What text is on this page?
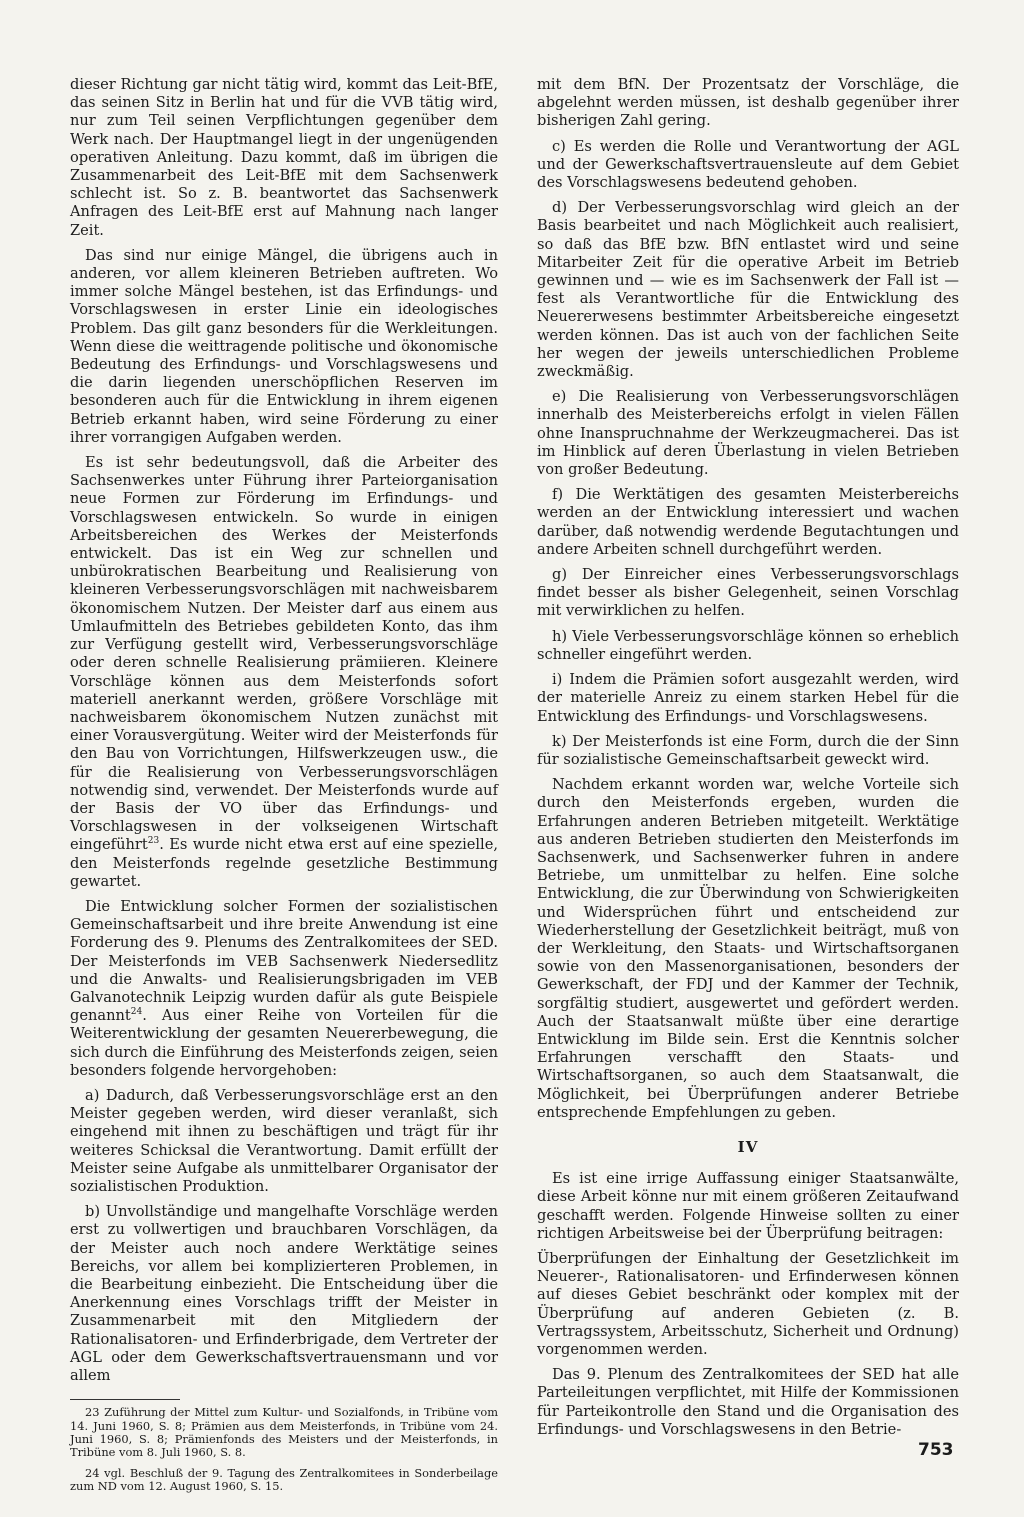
dieser Richtung gar nicht tätig wird, kommt das Leit-BfE, das seinen Sitz in Berlin hat und für die VVB tätig wird, nur zum Teil seinen Verpflichtungen gegenüber dem Werk nach. Der Hauptmangel liegt in der ungenügenden operativen Anleitung. Dazu kommt, daß im übrigen die Zusammenarbeit des Leit-BfE mit dem Sachsenwerk schlecht ist. So z. B. beantwortet das Sachsenwerk Anfragen des Leit-BfE erst auf Mahnung nach langer Zeit.

Das sind nur einige Mängel, die übrigens auch in anderen, vor allem kleineren Betrieben auftreten. Wo immer solche Mängel bestehen, ist das Erfindungs- und Vorschlagswesen in erster Linie ein ideologisches Problem. Das gilt ganz besonders für die Werkleitungen. Wenn diese die weittragende politische und ökonomische Bedeutung des Erfindungs- und Vorschlagswesens und die darin liegenden unerschöpflichen Reserven im besonderen auch für die Entwicklung in ihrem eigenen Betrieb erkannt haben, wird seine Förderung zu einer ihrer vorrangigen Aufgaben werden.

Es ist sehr bedeutungsvoll, daß die Arbeiter des Sachsenwerkes unter Führung ihrer Parteiorganisation neue Formen zur Förderung im Erfindungs- und Vorschlagswesen entwickeln. So wurde in einigen Arbeitsbereichen des Werkes der Meisterfonds entwickelt. Das ist ein Weg zur schnellen und unbürokratischen Bearbeitung und Realisierung von kleineren Verbesserungsvorschlägen mit nachweisbarem ökonomischem Nutzen. Der Meister darf aus einem aus Umlaufmitteln des Betriebes gebildeten Konto, das ihm zur Verfügung gestellt wird, Verbesserungsvorschläge oder deren schnelle Realisierung prämiieren. Kleinere Vorschläge können aus dem Meisterfonds sofort materiell anerkannt werden, größere Vorschläge mit nachweisbarem ökonomischem Nutzen zunächst mit einer Vorausvergütung. Weiter wird der Meisterfonds für den Bau von Vorrichtungen, Hilfswerkzeugen usw., die für die Realisierung von Verbesserungsvorschlägen notwendig sind, verwendet. Der Meisterfonds wurde auf der Basis der VO über das Erfindungs- und Vorschlagswesen in der volkseigenen Wirtschaft eingeführt$^{23}$. Es wurde nicht etwa erst auf eine spezielle, den Meisterfonds regelnde gesetzliche Bestimmung gewartet.

Die Entwicklung solcher Formen der sozialistischen Gemeinschaftsarbeit und ihre breite Anwendung ist eine Forderung des 9. Plenums des Zentralkomitees der SED. Der Meisterfonds im VEB Sachsenwerk Niedersedlitz und die Anwalts- und Realisierungsbrigaden im VEB Galvanotechnik Leipzig wurden dafür als gute Beispiele genannt$^{24}$. Aus einer Reihe von Vorteilen für die Weiterentwicklung der gesamten Neuererbewegung, die sich durch die Einführung des Meisterfonds zeigen, seien besonders folgende hervorgehoben:

a) Dadurch, daß Verbesserungsvorschläge erst an den Meister gegeben werden, wird dieser veranlaßt, sich eingehend mit ihnen zu beschäftigen und trägt für ihr weiteres Schicksal die Verantwortung. Damit erfüllt der Meister seine Aufgabe als unmittelbarer Organisator der sozialistischen Produktion.

b) Unvollständige und mangelhafte Vorschläge werden erst zu vollwertigen und brauchbaren Vorschlägen, da der Meister auch noch andere Werktätige seines Bereichs, vor allem bei komplizierteren Problemen, in die Bearbeitung einbezieht. Die Entscheidung über die Anerkennung eines Vorschlags trifft der Meister in Zusammenarbeit mit den Mitgliedern der Rationalisatoren- und Erfinderbrigade, dem Vertreter der AGL oder dem Gewerkschaftsvertrauensmann und vor allem

23 Zuführung der Mittel zum Kultur- und Sozialfonds, in Tribüne vom 14. Juni 1960, S. 8; Prämien aus dem Meisterfonds, in Tribüne vom 24. Juni 1960, S. 8; Prämienfonds des Meisters und der Meisterfonds, in Tribüne vom 8. Juli 1960, S. 8.

24 vgl. Beschluß der 9. Tagung des Zentralkomitees in Sonderbeilage zum ND vom 12. August 1960, S. 15.

mit dem BfN. Der Prozentsatz der Vorschläge, die abgelehnt werden müssen, ist deshalb gegenüber ihrer bisherigen Zahl gering.

c) Es werden die Rolle und Verantwortung der AGL und der Gewerkschaftsvertrauensleute auf dem Gebiet des Vorschlagswesens bedeutend gehoben.

d) Der Verbesserungsvorschlag wird gleich an der Basis bearbeitet und nach Möglichkeit auch realisiert, so daß das BfE bzw. BfN entlastet wird und seine Mitarbeiter Zeit für die operative Arbeit im Betrieb gewinnen und — wie es im Sachsenwerk der Fall ist — fest als Verantwortliche für die Entwicklung des Neuererwesens bestimmter Arbeitsbereiche eingesetzt werden können. Das ist auch von der fachlichen Seite her wegen der jeweils unterschiedlichen Probleme zweckmäßig.

e) Die Realisierung von Verbesserungsvorschlägen innerhalb des Meisterbereichs erfolgt in vielen Fällen ohne Inanspruchnahme der Werkzeugmacherei. Das ist im Hinblick auf deren Überlastung in vielen Betrieben von großer Bedeutung.

f) Die Werktätigen des gesamten Meisterbereichs werden an der Entwicklung interessiert und wachen darüber, daß notwendig werdende Begutachtungen und andere Arbeiten schnell durchgeführt werden.

g) Der Einreicher eines Verbesserungsvorschlags findet besser als bisher Gelegenheit, seinen Vorschlag mit verwirklichen zu helfen.

h) Viele Verbesserungsvorschläge können so erheblich schneller eingeführt werden.

i) Indem die Prämien sofort ausgezahlt werden, wird der materielle Anreiz zu einem starken Hebel für die Entwicklung des Erfindungs- und Vorschlagswesens.

k) Der Meisterfonds ist eine Form, durch die der Sinn für sozialistische Gemeinschaftsarbeit geweckt wird.

Nachdem erkannt worden war, welche Vorteile sich durch den Meisterfonds ergeben, wurden die Erfahrungen anderen Betrieben mitgeteilt. Werktätige aus anderen Betrieben studierten den Meisterfonds im Sachsenwerk, und Sachsenwerker fuhren in andere Betriebe, um unmittelbar zu helfen. Eine solche Entwicklung, die zur Überwindung von Schwierigkeiten und Widersprüchen führt und entscheidend zur Wiederherstellung der Gesetzlichkeit beiträgt, muß von der Werkleitung, den Staats- und Wirtschaftsorganen sowie von den Massenorganisationen, besonders der Gewerkschaft, der FDJ und der Kammer der Technik, sorgfältig studiert, ausgewertet und gefördert werden. Auch der Staatsanwalt müßte über eine derartige Entwicklung im Bilde sein. Erst die Kenntnis solcher Erfahrungen verschafft den Staats- und Wirtschaftsorganen, so auch dem Staatsanwalt, die Möglichkeit, bei Überprüfungen anderer Betriebe entsprechende Empfehlungen zu geben.

IV

Es ist eine irrige Auffassung einiger Staatsanwälte, diese Arbeit könne nur mit einem größeren Zeitaufwand geschafft werden. Folgende Hinweise sollten zu einer richtigen Arbeitsweise bei der Überprüfung beitragen:

Überprüfungen der Einhaltung der Gesetzlichkeit im Neuerer-, Rationalisatoren- und Erfinderwesen können auf dieses Gebiet beschränkt oder komplex mit der Überprüfung auf anderen Gebieten (z. B. Vertragssystem, Arbeitsschutz, Sicherheit und Ordnung) vorgenommen werden.

Das 9. Plenum des Zentralkomitees der SED hat alle Parteileitungen verpflichtet, mit Hilfe der Kommissionen für Parteikontrolle den Stand und die Organisation des Erfindungs- und Vorschlagswesens in den Betrie-

753
